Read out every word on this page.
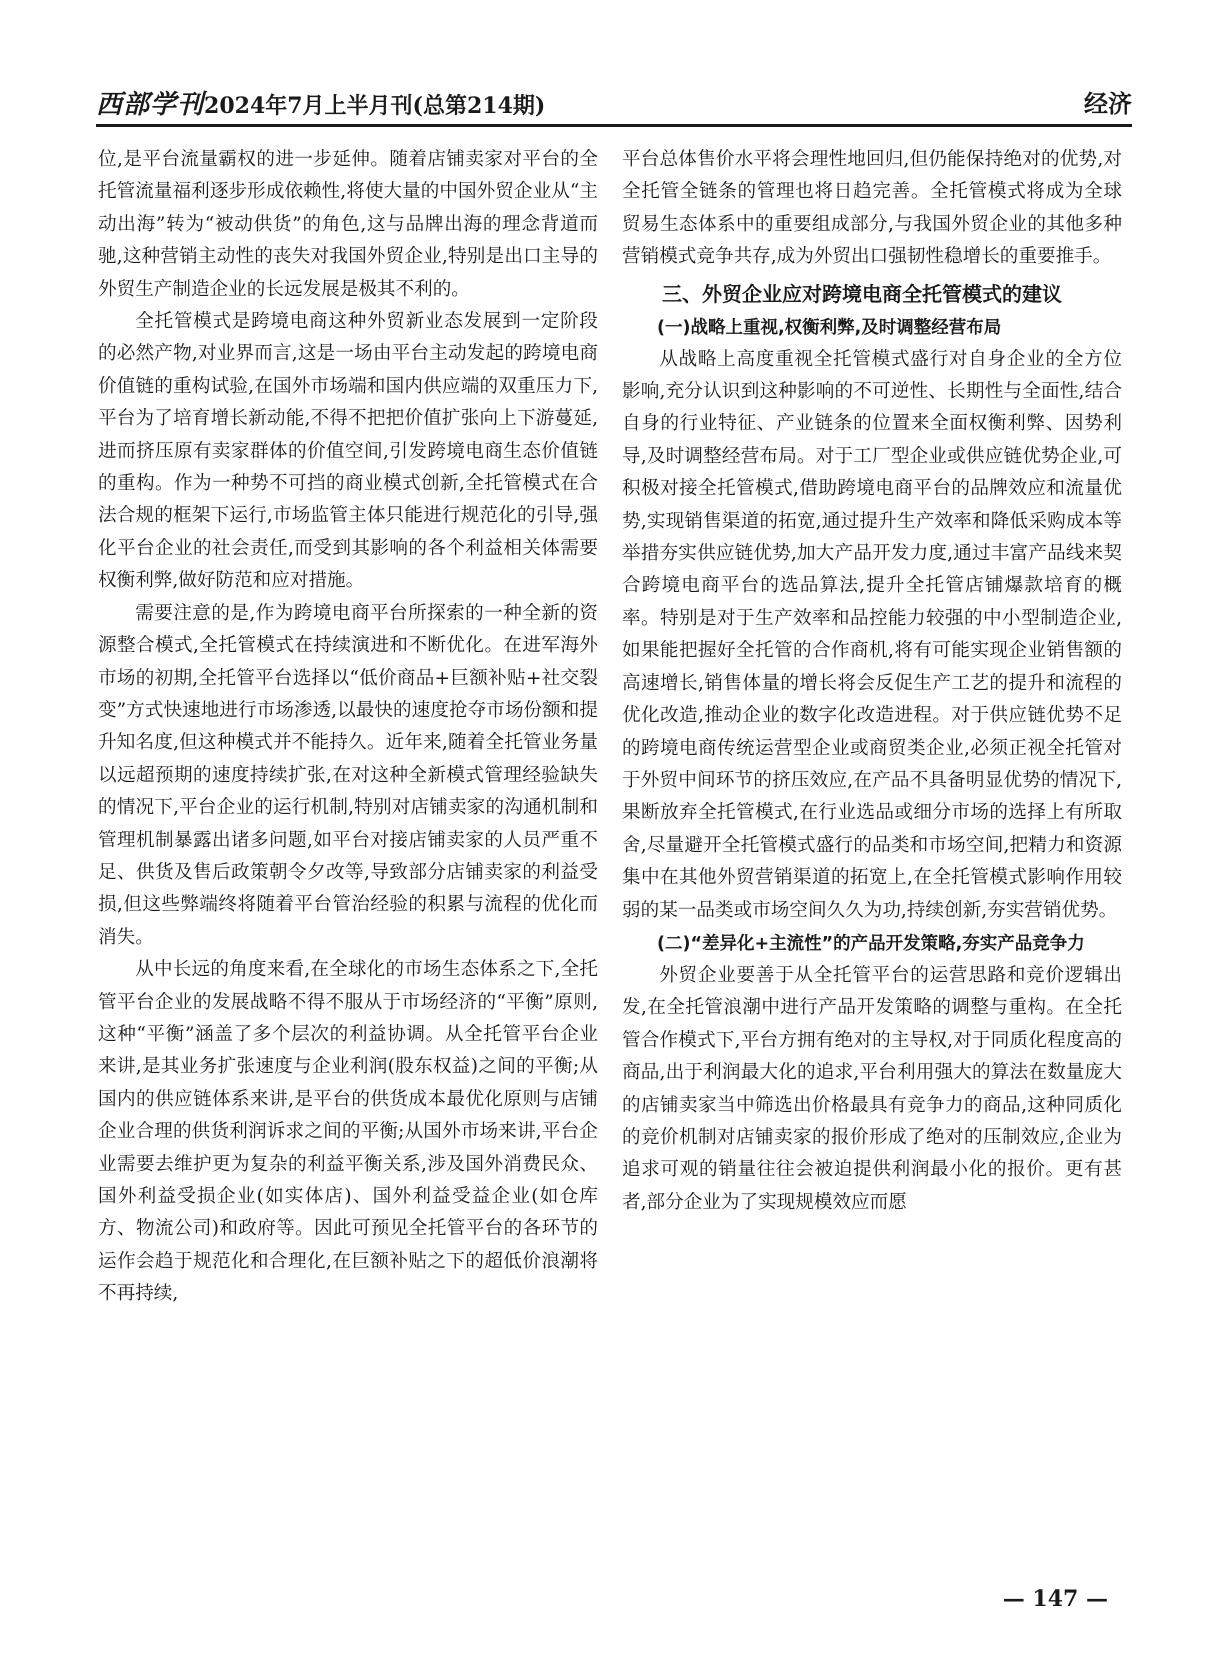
西部学刊2024年7月上半月刊(总第214期)	经济

位,是平台流量霸权的进一步延伸。随着店铺卖家对平台的全托管流量福利逐步形成依赖性,将使大量的中国外贸企业从“主动出海”转为“被动供货”的角色,这与品牌出海的理念背道而驰,这种营销主动性的丧失对我国外贸企业,特别是出口主导的外贸生产制造企业的长远发展是极其不利的。

全托管模式是跨境电商这种外贸新业态发展到一定阶段的必然产物,对业界而言,这是一场由平台主动发起的跨境电商价值链的重构试验,在国外市场端和国内供应端的双重压力下,平台为了培育增长新动能,不得不把把价值扩张向上下游蔓延,进而挤压原有卖家群体的价值空间,引发跨境电商生态价值链的重构。作为一种势不可挡的商业模式创新,全托管模式在合法合规的框架下运行,市场监管主体只能进行规范化的引导,强化平台企业的社会责任,而受到其影响的各个利益相关体需要权衡利弊,做好防范和应对措施。

需要注意的是,作为跨境电商平台所探索的一种全新的资源整合模式,全托管模式在持续演进和不断优化。在进军海外市场的初期,全托管平台选择以“低价商品+巨额补贴+社交裂变”方式快速地进行市场渗透,以最快的速度抢夺市场份额和提升知名度,但这种模式并不能持久。近年来,随着全托管业务量以远超预期的速度持续扩张,在对这种全新模式管理经验缺失的情况下,平台企业的运行机制,特别对店铺卖家的沟通机制和管理机制暴露出诸多问题,如平台对接店铺卖家的人员严重不足、供货及售后政策朝令夕改等,导致部分店铺卖家的利益受损,但这些弊端终将随着平台管治经验的积累与流程的优化而消失。

从中长远的角度来看,在全球化的市场生态体系之下,全托管平台企业的发展战略不得不服从于市场经济的“平衡”原则,这种“平衡”涵盖了多个层次的利益协调。从全托管平台企业来讲,是其业务扩张速度与企业利润(股东权益)之间的平衡;从国内的供应链体系来讲,是平台的供货成本最优化原则与店铺企业合理的供货利润诉求之间的平衡;从国外市场来讲,平台企业需要去维护更为复杂的利益平衡关系,涉及国外消费民众、国外利益受损企业(如实体店)、国外利益受益企业(如仓库方、物流公司)和政府等。因此可预见全托管平台的各环节的运作会趋于规范化和合理化,在巨额补贴之下的超低价浪潮将不再持续,

平台总体售价水平将会理性地回归,但仍能保持绝对的优势,对全托管全链条的管理也将日趋完善。全托管模式将成为全球贸易生态体系中的重要组成部分,与我国外贸企业的其他多种营销模式竞争共存,成为外贸出口强韧性稳增长的重要推手。

三、外贸企业应对跨境电商全托管模式的建议
(一)战略上重视,权衡利弊,及时调整经营布局

从战略上高度重视全托管模式盛行对自身企业的全方位影响,充分认识到这种影响的不可逆性、长期性与全面性,结合自身的行业特征、产业链条的位置来全面权衡利弊、因势利导,及时调整经营布局。对于工厂型企业或供应链优势企业,可积极对接全托管模式,借助跨境电商平台的品牌效应和流量优势,实现销售渠道的拓宽,通过提升生产效率和降低采购成本等举措夯实供应链优势,加大产品开发力度,通过丰富产品线来契合跨境电商平台的选品算法,提升全托管店铺爆款培育的概率。特别是对于生产效率和品控能力较强的中小型制造企业,如果能把握好全托管的合作商机,将有可能实现企业销售额的高速增长,销售体量的增长将会反促生产工艺的提升和流程的优化改造,推动企业的数字化改造进程。对于供应链优势不足的跨境电商传统运营型企业或商贸类企业,必须正视全托管对于外贸中间环节的挤压效应,在产品不具备明显优势的情况下,果断放弃全托管模式,在行业选品或细分市场的选择上有所取舍,尽量避开全托管模式盛行的品类和市场空间,把精力和资源集中在其他外贸营销渠道的拓宽上,在全托管模式影响作用较弱的某一品类或市场空间久久为功,持续创新,夯实营销优势。

(二)“差异化+主流性”的产品开发策略,夯实产品竞争力

外贸企业要善于从全托管平台的运营思路和竞价逻辑出发,在全托管浪潮中进行产品开发策略的调整与重构。在全托管合作模式下,平台方拥有绝对的主导权,对于同质化程度高的商品,出于利润最大化的追求,平台利用强大的算法在数量庞大的店铺卖家当中筛选出价格最具有竞争力的商品,这种同质化的竞价机制对店铺卖家的报价形成了绝对的压制效应,企业为追求可观的销量往往会被迫提供利润最小化的报价。更有甚者,部分企业为了实现规模效应而愿

— 147 —
